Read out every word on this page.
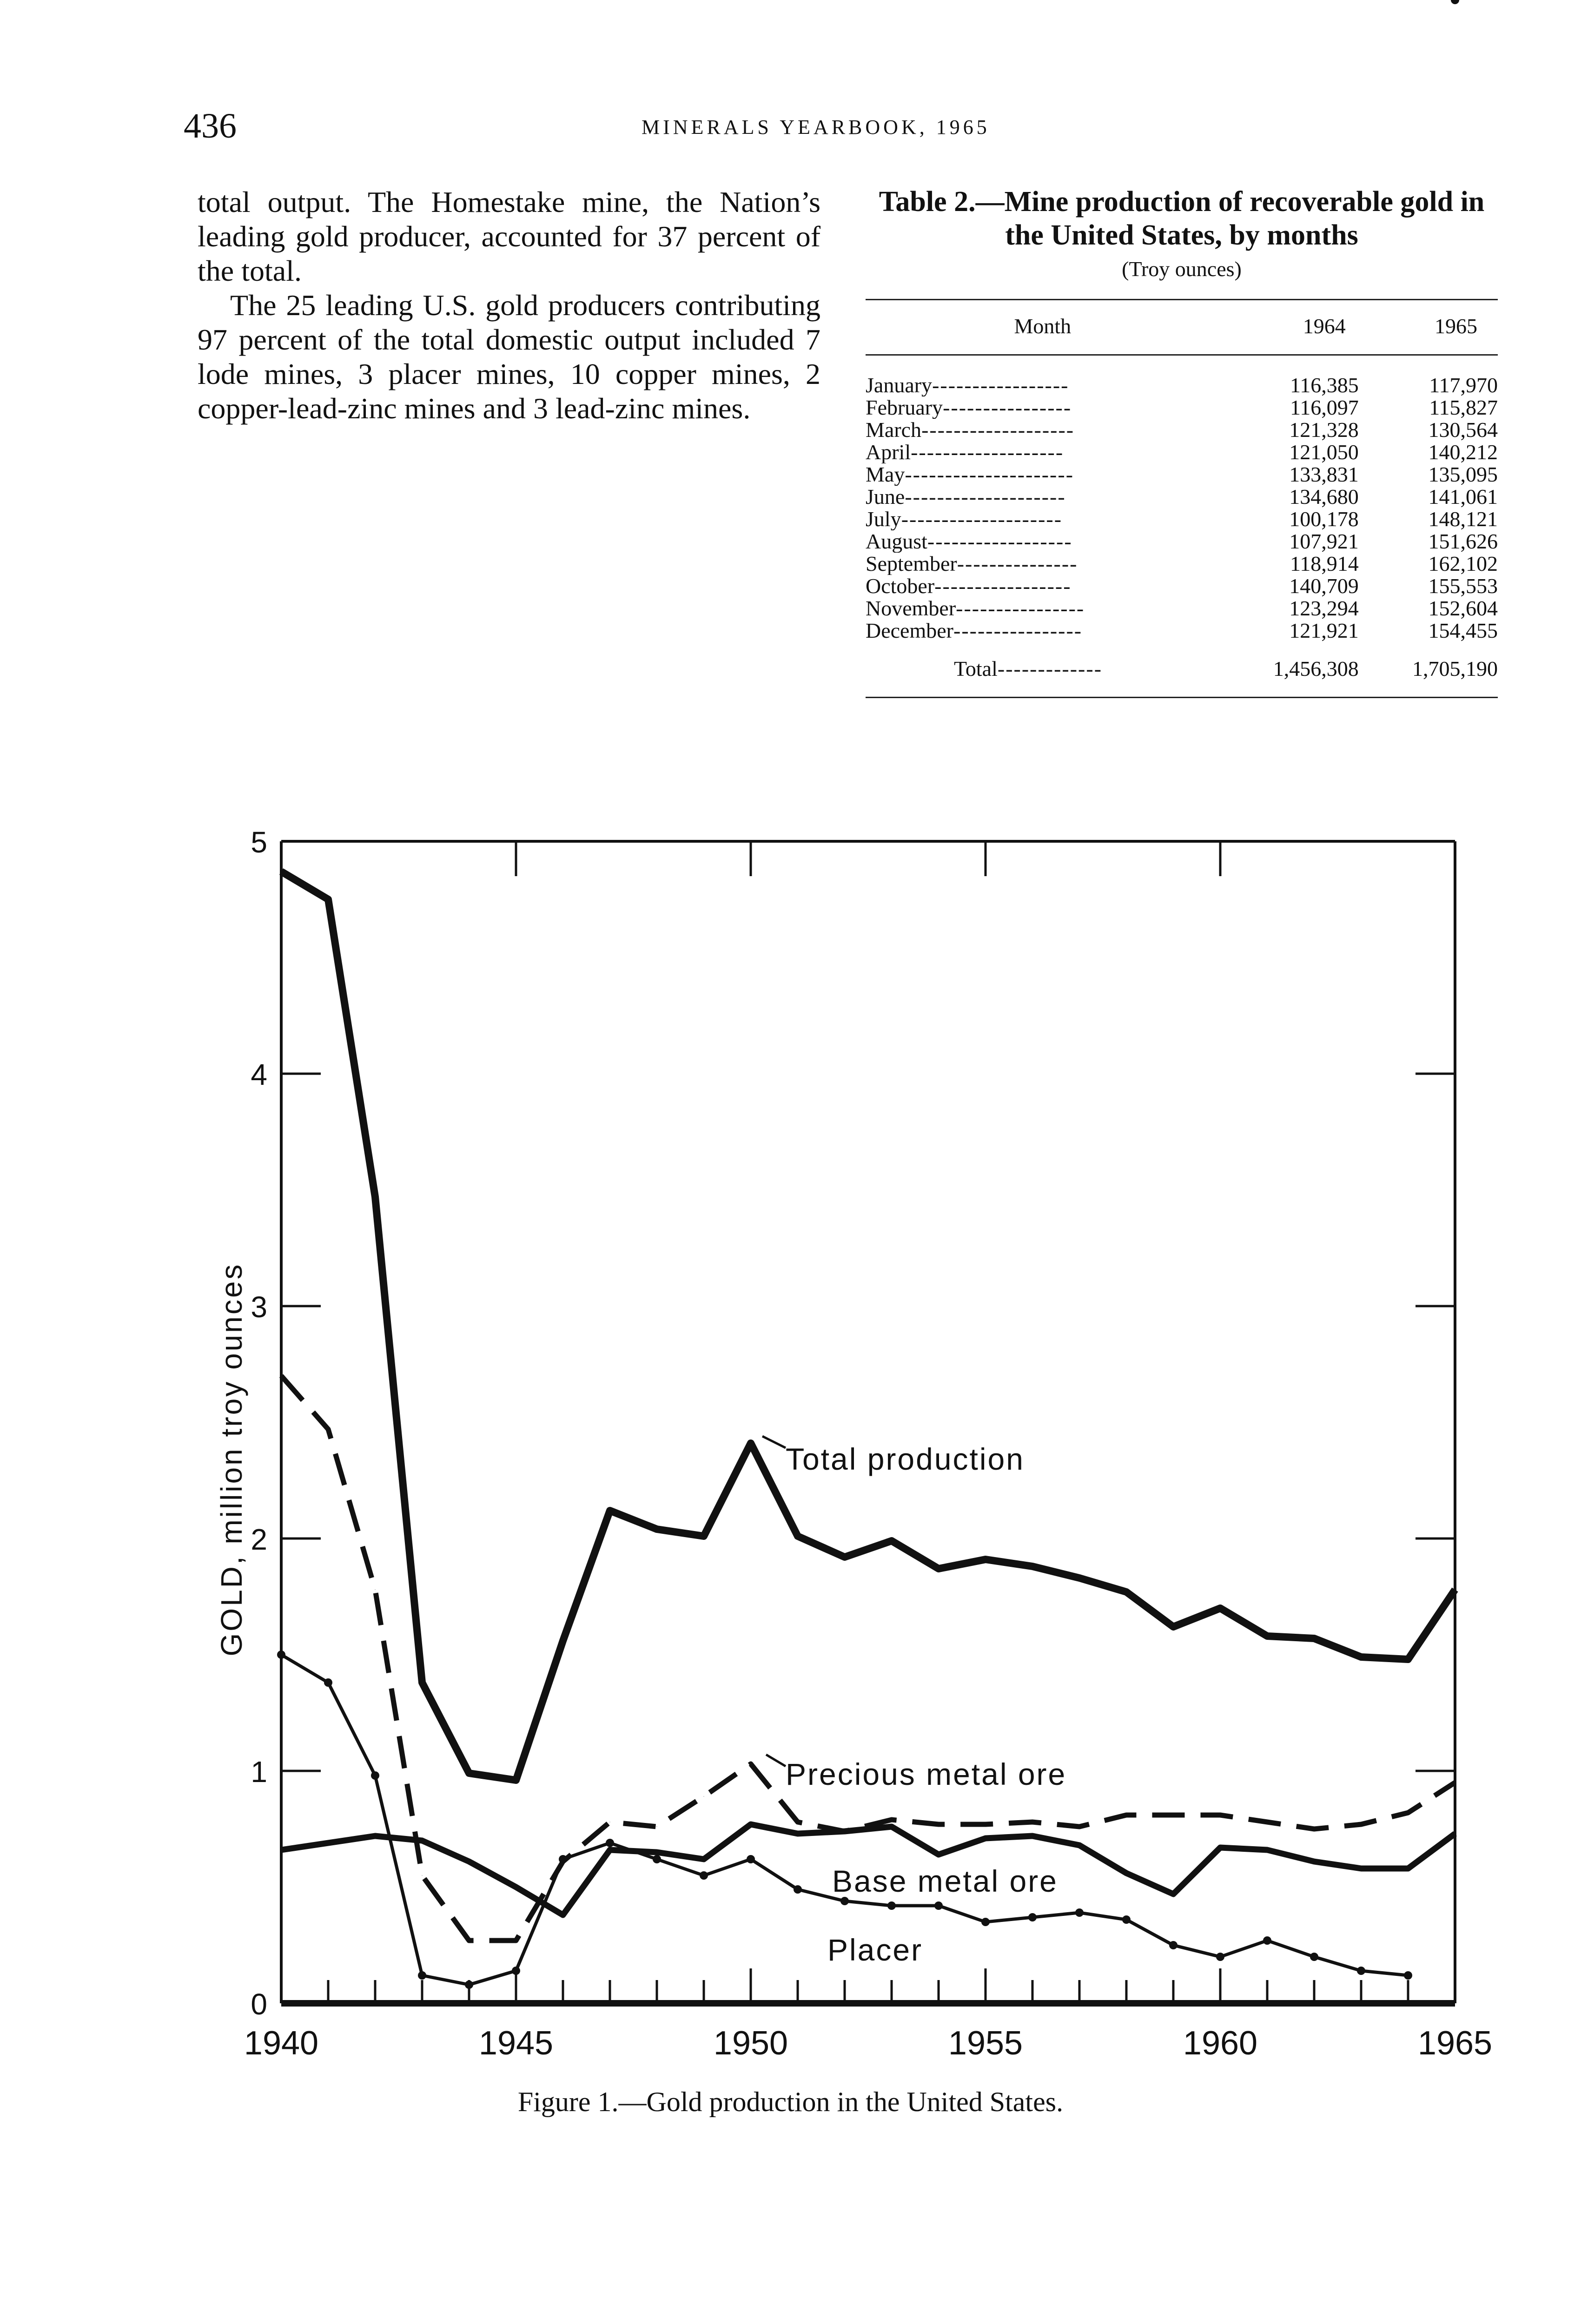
436	MINERALS YEARBOOK, 1965

total output. The Homestake mine, the Nation’s leading gold producer, accounted for 37 percent of the total.

The 25 leading U.S. gold producers contributing 97 percent of the total domestic output included 7 lode mines, 3 placer mines, 10 copper mines, 2 copper-lead-zinc mines and 3 lead-zinc mines.

Table 2.—Mine production of recoverable gold in the United States, by months
(Troy ounces)
Month	1964	1965
January-----------------	116,385	117,970
February----------------	116,097	115,827
March-------------------	121,328	130,564
April-------------------	121,050	140,212
May---------------------	133,831	135,095
June--------------------	134,680	141,061
July--------------------	100,178	148,121
August------------------	107,921	151,626
September---------------	118,914	162,102
October-----------------	140,709	155,553
November----------------	123,294	152,604
December----------------	121,921	154,455
Total-------------	1,456,308	1,705,190
1940	1945	1950	1955	1960	1965
0
1
2
3
4
5
GOLD, million troy ounces	Total production
Precious metal ore
Base metal ore
Placer
Figure 1.—Gold production in the United States.
